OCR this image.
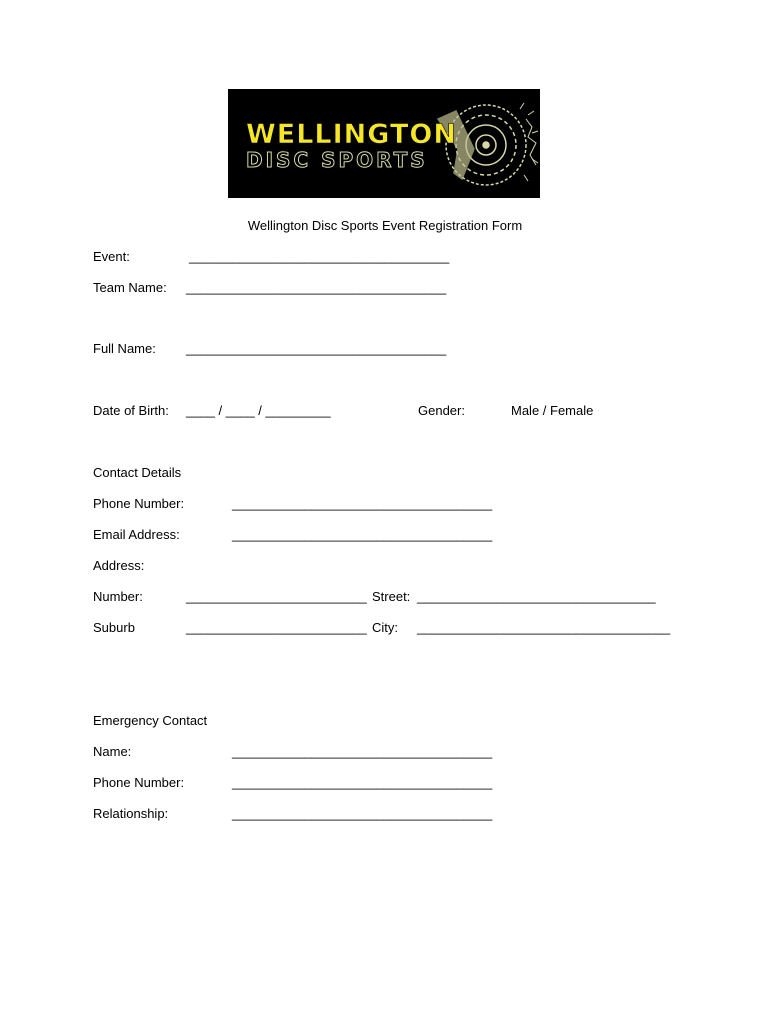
WELLINGTON
DISC SPORTS
Wellington Disc Sports Event Registration Form
Event:	____________________________________
Team Name: ____________________________________
Full Name: ____________________________________
Date of Birth: ____ / ____ / _________	Gender:	Male / Female
Contact Details
Phone Number:	____________________________________
Email Address:	____________________________________
Address:
Number:	_________________________ Street: _________________________________
Suburb	_________________________ City: ___________________________________
Emergency Contact
Name:	____________________________________
Phone Number:	____________________________________
Relationship:	____________________________________
